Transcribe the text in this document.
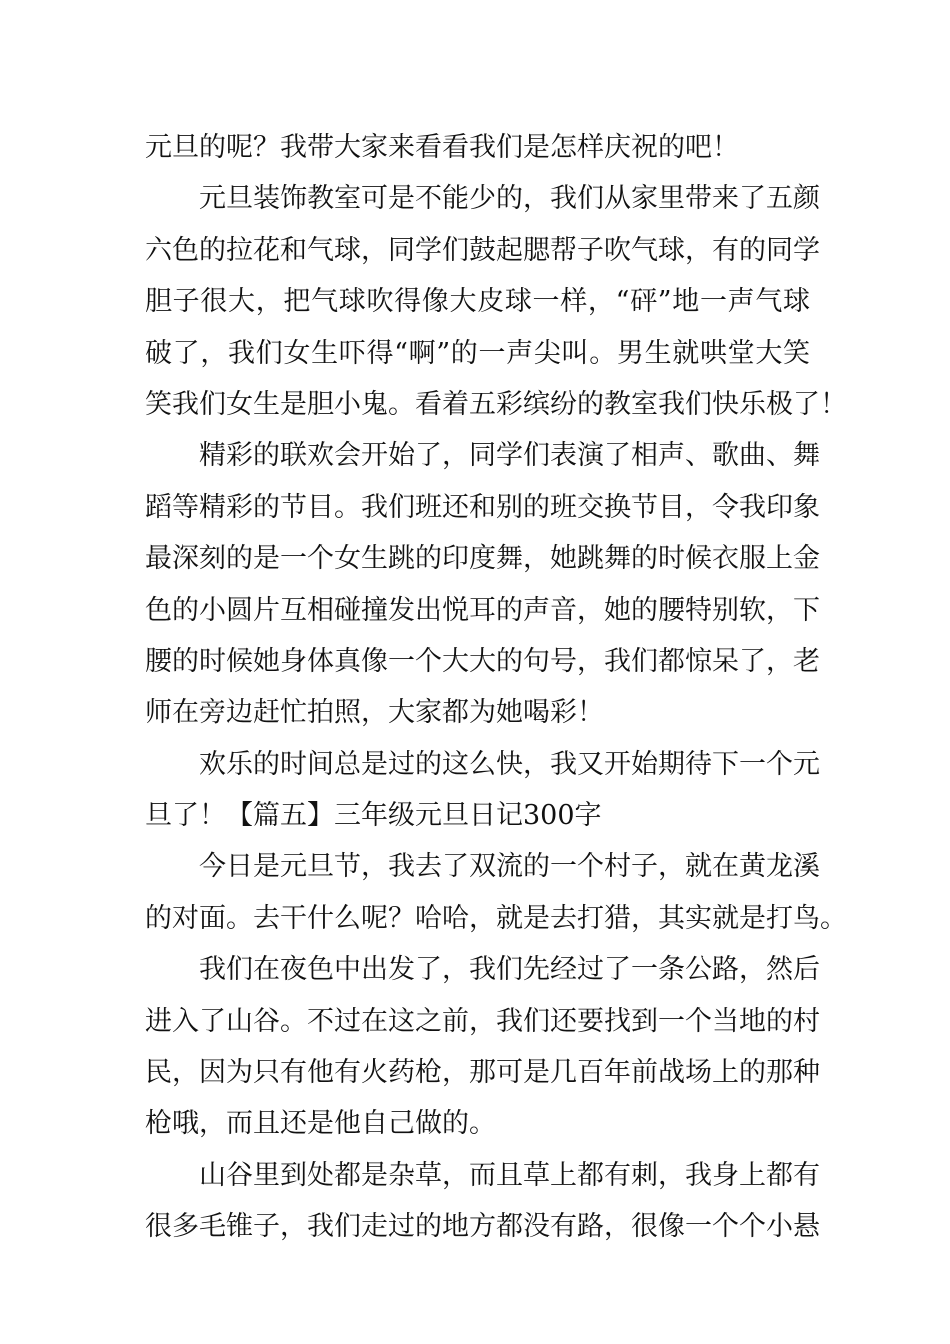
元旦的呢？我带大家来看看我们是怎样庆祝的吧！
元旦装饰教室可是不能少的，我们从家里带来了五颜
六色的拉花和气球，同学们鼓起腮帮子吹气球，有的同学
胆子很大，把气球吹得像大皮球一样，“砰”地一声气球
破了，我们女生吓得“啊”的一声尖叫。男生就哄堂大笑
笑我们女生是胆小鬼。看着五彩缤纷的教室我们快乐极了！
精彩的联欢会开始了，同学们表演了相声、歌曲、舞
蹈等精彩的节目。我们班还和别的班交换节目，令我印象
最深刻的是一个女生跳的印度舞，她跳舞的时候衣服上金
色的小圆片互相碰撞发出悦耳的声音，她的腰特别软，下
腰的时候她身体真像一个大大的句号，我们都惊呆了，老
师在旁边赶忙拍照，大家都为她喝彩！
欢乐的时间总是过的这么快，我又开始期待下一个元
旦了！【篇五】三年级元旦日记300字
今日是元旦节，我去了双流的一个村子，就在黄龙溪
的对面。去干什么呢？哈哈，就是去打猎，其实就是打鸟。
我们在夜色中出发了，我们先经过了一条公路，然后
进入了山谷。不过在这之前，我们还要找到一个当地的村
民，因为只有他有火药枪，那可是几百年前战场上的那种
枪哦，而且还是他自己做的。
山谷里到处都是杂草，而且草上都有刺，我身上都有
很多毛锥子，我们走过的地方都没有路，很像一个个小悬
